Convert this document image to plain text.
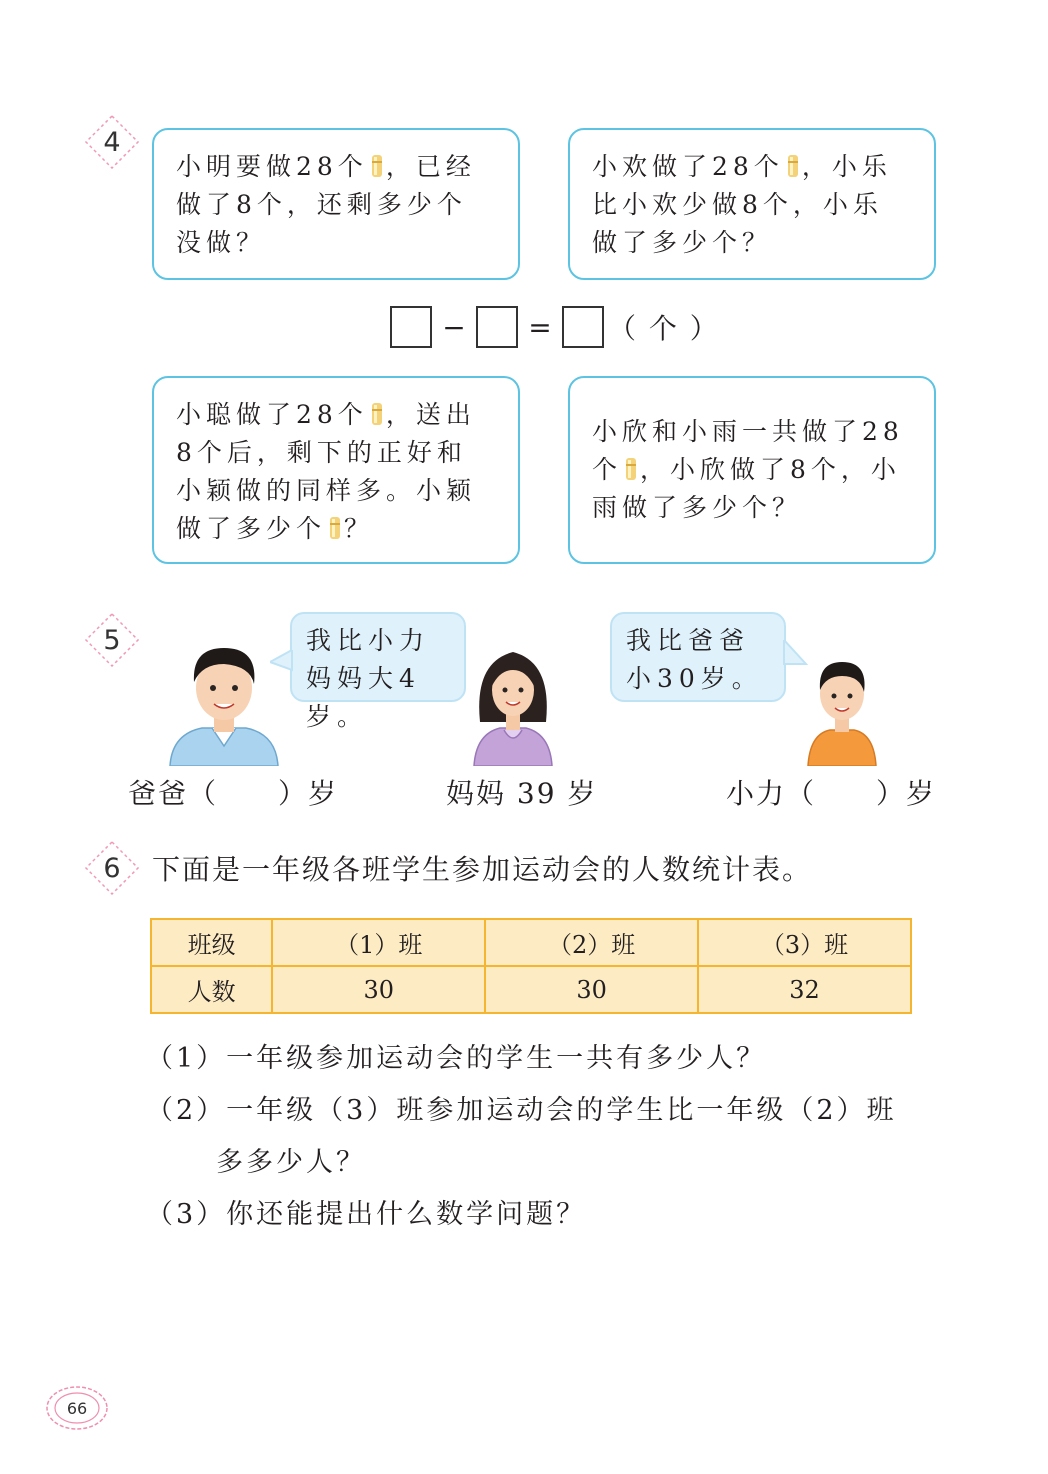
4
小明要做28个 ，已经做了8个，还剩多少个没做？
小欢做了28个 ，小乐比小欢少做8个，小乐做了多少个？
−	=	（ 个 ）
小聪做了28个 ，送出8个后，剩下的正好和小颖做的同样多。小颖做了多少个 ？
小欣和小雨一共做了28个 ，小欣做了8个，小雨做了多少个？
5	我比小力妈妈大4岁。
我比爸爸小30岁。
爸爸（　　）岁	妈妈 39 岁	小力（　　）岁
6 下面是一年级各班学生参加运动会的人数统计表。
班级	（1）班	（2）班	（3）班
人数	30	30	32
（1）一年级参加运动会的学生一共有多少人？
（2）一年级（3）班参加运动会的学生比一年级（2）班
多多少人？
（3）你还能提出什么数学问题？
66
